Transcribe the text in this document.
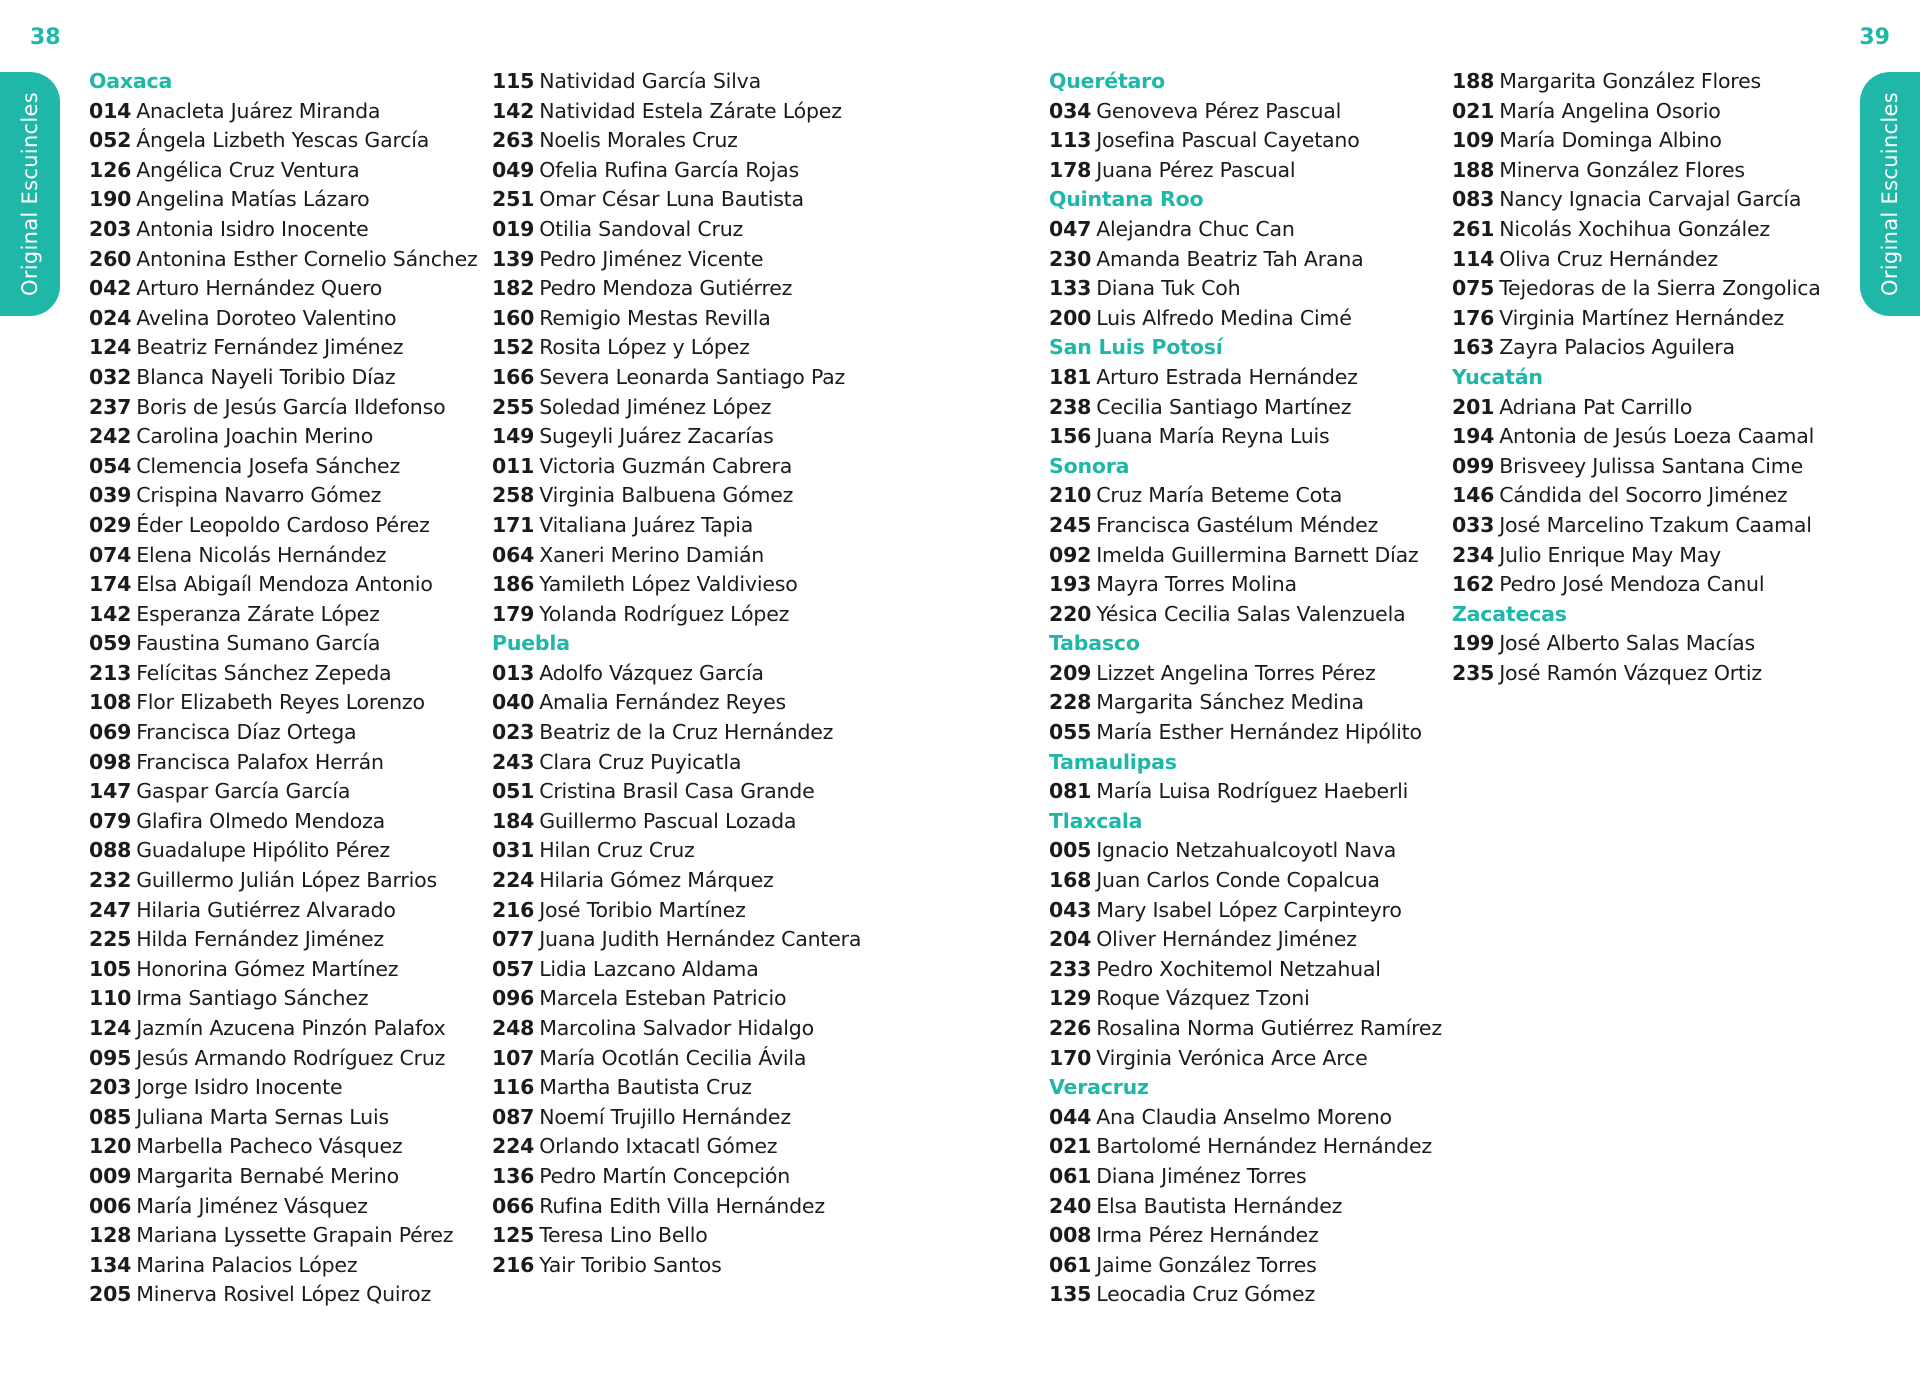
38	39
Original Escuincles	Original Escuincles
Oaxaca
014 Anacleta Juárez Miranda
052 Ángela Lizbeth Yescas García
126 Angélica Cruz Ventura
190 Angelina Matías Lázaro
203 Antonia Isidro Inocente
260 Antonina Esther Cornelio Sánchez
042 Arturo Hernández Quero
024 Avelina Doroteo Valentino
124 Beatriz Fernández Jiménez
032 Blanca Nayeli Toribio Díaz
237 Boris de Jesús García Ildefonso
242 Carolina Joachin Merino
054 Clemencia Josefa Sánchez
039 Crispina Navarro Gómez
029 Éder Leopoldo Cardoso Pérez
074 Elena Nicolás Hernández
174 Elsa Abigaíl Mendoza Antonio
142 Esperanza Zárate López
059 Faustina Sumano García
213 Felícitas Sánchez Zepeda
108 Flor Elizabeth Reyes Lorenzo
069 Francisca Díaz Ortega
098 Francisca Palafox Herrán
147 Gaspar García García
079 Glafira Olmedo Mendoza
088 Guadalupe Hipólito Pérez
232 Guillermo Julián López Barrios
247 Hilaria Gutiérrez Alvarado
225 Hilda Fernández Jiménez
105 Honorina Gómez Martínez
110 Irma Santiago Sánchez
124 Jazmín Azucena Pinzón Palafox
095 Jesús Armando Rodríguez Cruz
203 Jorge Isidro Inocente
085 Juliana Marta Sernas Luis
120 Marbella Pacheco Vásquez
009 Margarita Bernabé Merino
006 María Jiménez Vásquez
128 Mariana Lyssette Grapain Pérez
134 Marina Palacios López
205 Minerva Rosivel López Quiroz
115 Natividad García Silva
142 Natividad Estela Zárate López
263 Noelis Morales Cruz
049 Ofelia Rufina García Rojas
251 Omar César Luna Bautista
019 Otilia Sandoval Cruz
139 Pedro Jiménez Vicente
182 Pedro Mendoza Gutiérrez
160 Remigio Mestas Revilla
152 Rosita López y López
166 Severa Leonarda Santiago Paz
255 Soledad Jiménez López
149 Sugeyli Juárez Zacarías
011 Victoria Guzmán Cabrera
258 Virginia Balbuena Gómez
171 Vitaliana Juárez Tapia
064 Xaneri Merino Damián
186 Yamileth López Valdivieso
179 Yolanda Rodríguez López
Puebla
013 Adolfo Vázquez García
040 Amalia Fernández Reyes
023 Beatriz de la Cruz Hernández
243 Clara Cruz Puyicatla
051 Cristina Brasil Casa Grande
184 Guillermo Pascual Lozada
031 Hilan Cruz Cruz
224 Hilaria Gómez Márquez
216 José Toribio Martínez
077 Juana Judith Hernández Cantera
057 Lidia Lazcano Aldama
096 Marcela Esteban Patricio
248 Marcolina Salvador Hidalgo
107 María Ocotlán Cecilia Ávila
116 Martha Bautista Cruz
087 Noemí Trujillo Hernández
224 Orlando Ixtacatl Gómez
136 Pedro Martín Concepción
066 Rufina Edith Villa Hernández
125 Teresa Lino Bello
216 Yair Toribio Santos
Querétaro
034 Genoveva Pérez Pascual
113 Josefina Pascual Cayetano
178 Juana Pérez Pascual
Quintana Roo
047 Alejandra Chuc Can
230 Amanda Beatriz Tah Arana
133 Diana Tuk Coh
200 Luis Alfredo Medina Cimé
San Luis Potosí
181 Arturo Estrada Hernández
238 Cecilia Santiago Martínez
156 Juana María Reyna Luis
Sonora
210 Cruz María Beteme Cota
245 Francisca Gastélum Méndez
092 Imelda Guillermina Barnett Díaz
193 Mayra Torres Molina
220 Yésica Cecilia Salas Valenzuela
Tabasco
209 Lizzet Angelina Torres Pérez
228 Margarita Sánchez Medina
055 María Esther Hernández Hipólito
Tamaulipas
081 María Luisa Rodríguez Haeberli
Tlaxcala
005 Ignacio Netzahualcoyotl Nava
168 Juan Carlos Conde Copalcua
043 Mary Isabel López Carpinteyro
204 Oliver Hernández Jiménez
233 Pedro Xochitemol Netzahual
129 Roque Vázquez Tzoni
226 Rosalina Norma Gutiérrez Ramírez
170 Virginia Verónica Arce Arce
Veracruz
044 Ana Claudia Anselmo Moreno
021 Bartolomé Hernández Hernández
061 Diana Jiménez Torres
240 Elsa Bautista Hernández
008 Irma Pérez Hernández
061 Jaime González Torres
135 Leocadia Cruz Gómez
188 Margarita González Flores
021 María Angelina Osorio
109 María Dominga Albino
188 Minerva González Flores
083 Nancy Ignacia Carvajal García
261 Nicolás Xochihua González
114 Oliva Cruz Hernández
075 Tejedoras de la Sierra Zongolica
176 Virginia Martínez Hernández
163 Zayra Palacios Aguilera
Yucatán
201 Adriana Pat Carrillo
194 Antonia de Jesús Loeza Caamal
099 Brisveey Julissa Santana Cime
146 Cándida del Socorro Jiménez
033 José Marcelino Tzakum Caamal
234 Julio Enrique May May
162 Pedro José Mendoza Canul
Zacatecas
199 José Alberto Salas Macías
235 José Ramón Vázquez Ortiz
